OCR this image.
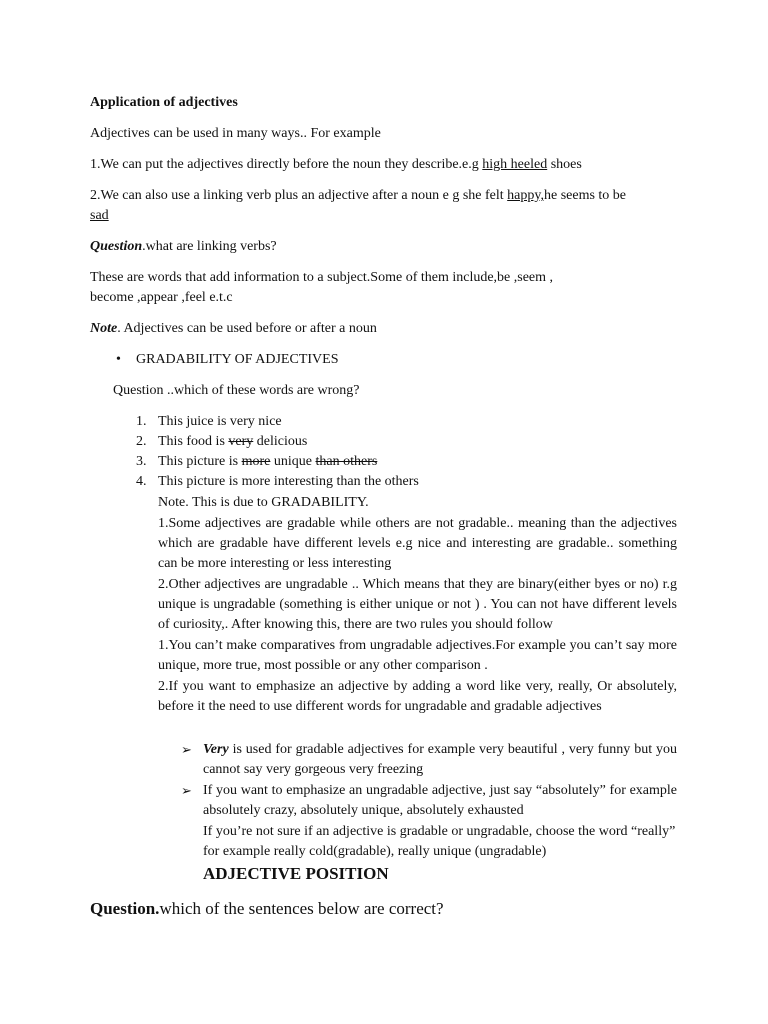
Application of adjectives
Adjectives can be used in many ways.. For example
1.We can put the adjectives directly before the noun they describe.e.g high heeled shoes
2.We can also use a linking verb plus an adjective after a noun e g she felt happy,he seems to be
sad
Question.what are linking verbs?
These are words that add information to a subject.Some of them include,be ,seem ,
become ,appear ,feel e.t.c
Note. Adjectives can be used before or after a noun
• GRADABILITY OF ADJECTIVES
Question ..which of these words are wrong?
1. This juice is very nice
2. This food is very delicious
3. This picture is more unique than others
4. This picture is more interesting than the others
Note. This is due to GRADABILITY.
1.Some adjectives are gradable while others are not gradable.. meaning than the adjectives which are gradable have different levels e.g nice and interesting are gradable.. something can be more interesting or less interesting
2.Other adjectives are ungradable .. Which means that they are binary(either byes or no) r.g unique is ungradable (something is either unique or not ) . You can not have different levels of curiosity,. After knowing this, there are two rules you should follow
1.You can’t make comparatives from ungradable adjectives.For example you can’t say more unique, more true, most possible or any other comparison .
2.If you want to emphasize an adjective by adding a word like very, really, Or absolutely, before it the need to use different words for ungradable and gradable adjectives
➢ Very is used for gradable adjectives for example very beautiful , very funny but you cannot say very gorgeous very freezing
➢ If you want to emphasize an ungradable adjective, just say “absolutely” for example absolutely crazy, absolutely unique, absolutely exhausted
If you’re not sure if an adjective is gradable or ungradable, choose the word “really” for example really cold(gradable), really unique (ungradable)
ADJECTIVE POSITION
Question.which of the sentences below are correct?
